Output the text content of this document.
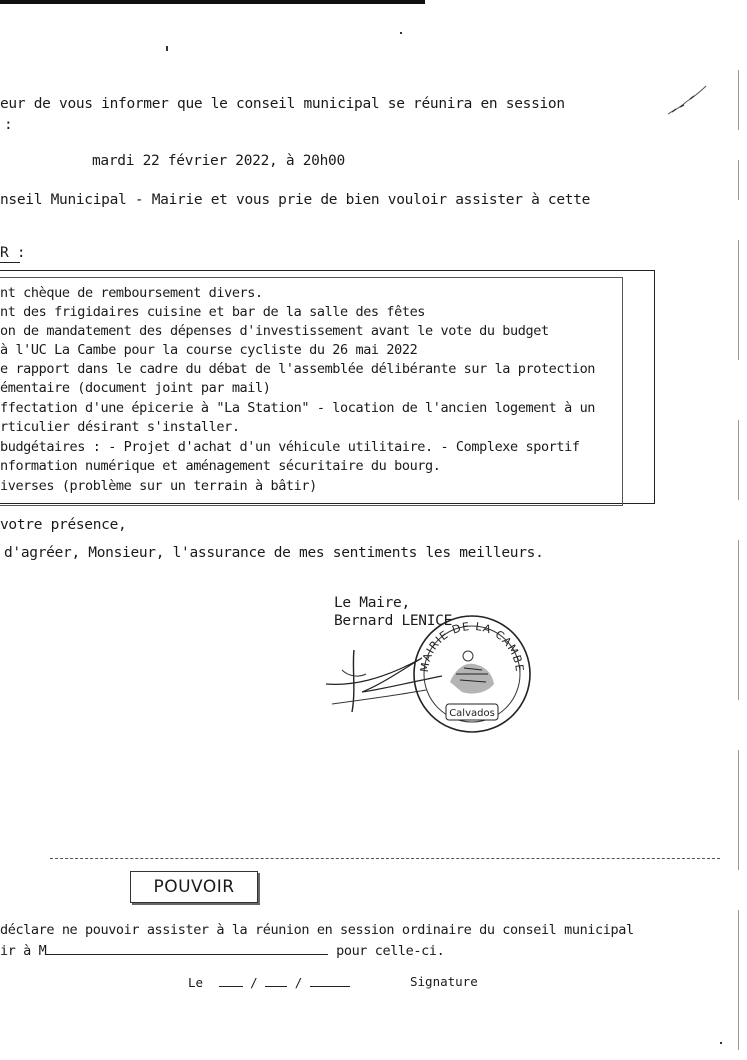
eur de vous informer que le conseil municipal se réunira en session
:
mardi 22 février 2022, à 20h00
nseil Municipal - Mairie et vous prie de bien vouloir assister à cette
R :
nt chèque de remboursement divers.
nt des frigidaires cuisine et bar de la salle des fêtes
on de mandatement des dépenses d'investissement avant le vote du budget
à l'UC La Cambe pour la course cycliste du 26 mai 2022
e rapport dans le cadre du débat de l'assemblée délibérante sur la protection
émentaire (document joint par mail)
ffectation d'une épicerie à "La Station" - location de l'ancien logement à un
rticulier désirant s'installer.
budgétaires : - Projet d'achat d'un véhicule utilitaire. - Complexe sportif
nformation numérique et aménagement sécuritaire du bourg.
iverses (problème sur un terrain à bâtir)
votre présence,
d'agréer, Monsieur, l'assurance de mes sentiments les meilleurs.
Le Maire,
Bernard LENICE
MAIRIE DE LA CAMBE
Calvados
POUVOIR
déclare ne pouvoir assister à la réunion en session ordinaire du conseil municipal
ir à M	pour celle-ci.
Le	/  /	Signature
